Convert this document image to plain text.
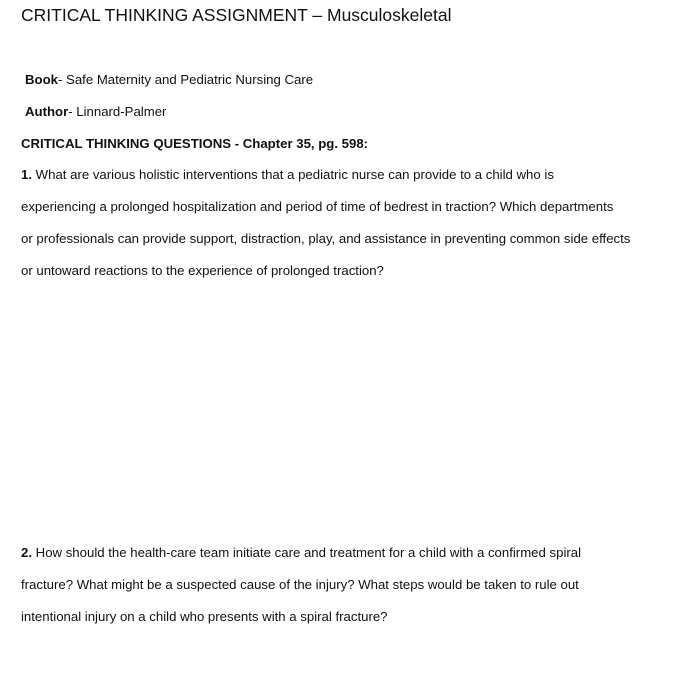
CRITICAL THINKING ASSIGNMENT – Musculoskeletal
Book- Safe Maternity and Pediatric Nursing Care
Author- Linnard-Palmer
CRITICAL THINKING QUESTIONS - Chapter 35, pg. 598:
1. What are various holistic interventions that a pediatric nurse can provide to a child who is
experiencing a prolonged hospitalization and period of time of bedrest in traction? Which departments
or professionals can provide support, distraction, play, and assistance in preventing common side effects
or untoward reactions to the experience of prolonged traction?
2. How should the health-care team initiate care and treatment for a child with a confirmed spiral
fracture? What might be a suspected cause of the injury? What steps would be taken to rule out
intentional injury on a child who presents with a spiral fracture?
